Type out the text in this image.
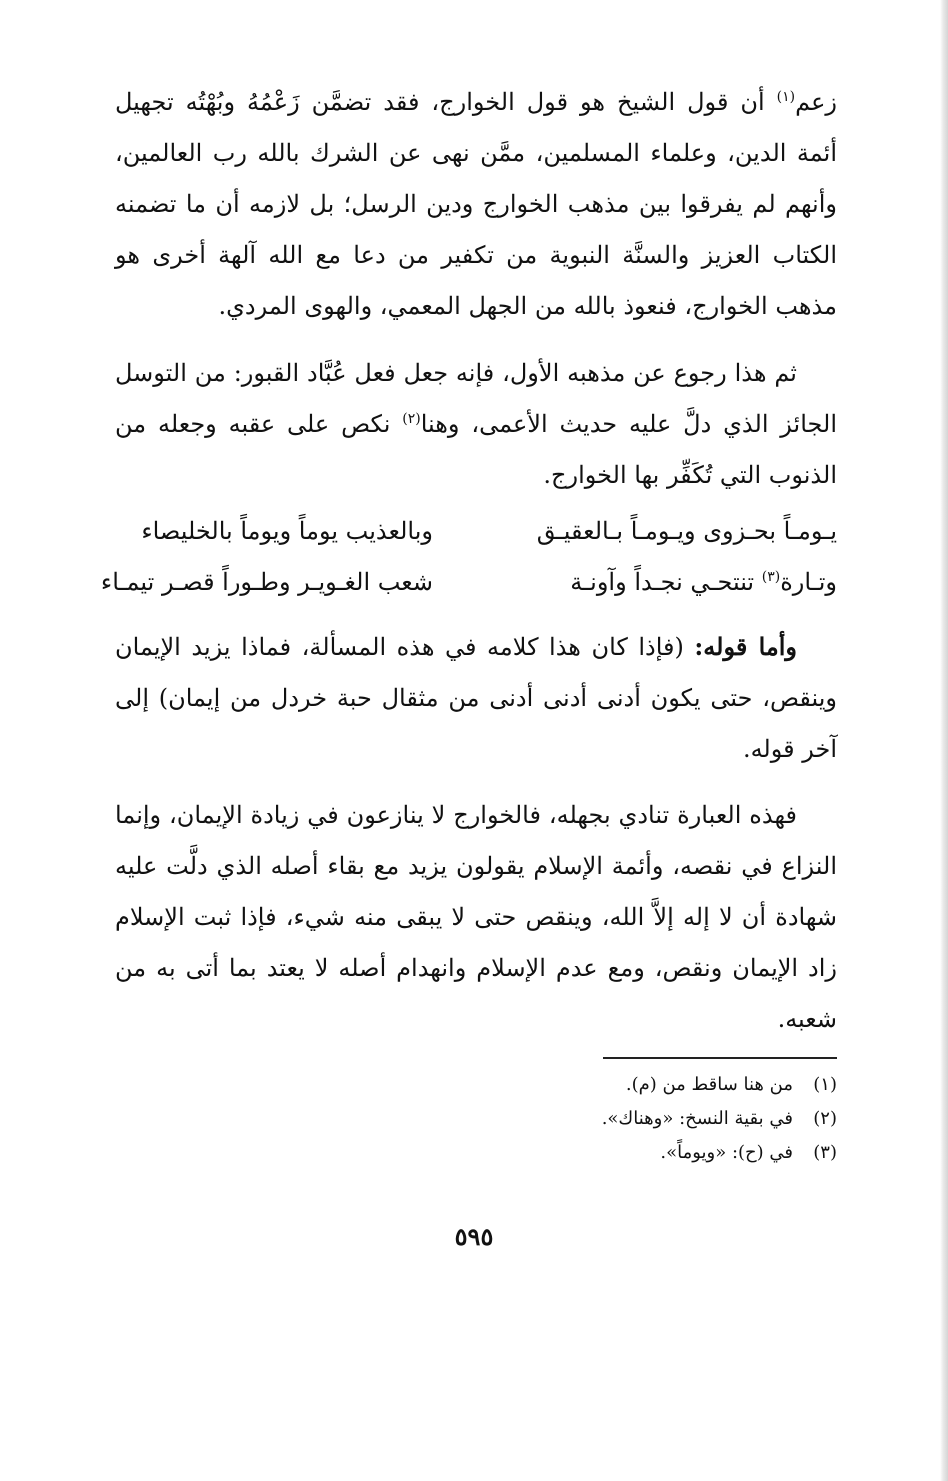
زعم$^{(١)}$ أن قول الشيخ هو قول الخوارج، فقد تضمَّن زَعْمُهُ وبُهْتُه تجهيل أئمة الدين، وعلماء المسلمين، ممَّن نهى عن الشرك بالله رب العالمين، وأنهم لم يفرقوا بين مذهب الخوارج ودين الرسل؛ بل لازمه أن ما تضمنه الكتاب العزيز والسنَّة النبوية من تكفير من دعا مع الله آلهة أخرى هو مذهب الخوارج، فنعوذ بالله من الجهل المعمي، والهوى المردي.

ثم هذا رجوع عن مذهبه الأول، فإنه جعل فعل عُبَّاد القبور: من التوسل الجائز الذي دلَّ عليه حديث الأعمى، وهنا$^{(٢)}$ نكص على عقبه وجعله من الذنوب التي تُكَفِّر بها الخوارج.

يـومـاً بحـزوى ويـومـاً بـالعقيـق
وبالعذيب يوماً ويوماً بالخليصاء
وتـارة$^{(٣)}$ تنتحـي نجـداً وآونـة
شعب الغـويـر وطـوراً قصـر تيمـاء

وأما قوله: (فإذا كان هذا كلامه في هذه المسألة، فماذا يزيد الإيمان وينقص، حتى يكون أدنى أدنى أدنى من مثقال حبة خردل من إيمان) إلى آخر قوله.

فهذه العبارة تنادي بجهله، فالخوارج لا ينازعون في زيادة الإيمان، وإنما النزاع في نقصه، وأئمة الإسلام يقولون يزيد مع بقاء أصله الذي دلَّت عليه شهادة أن لا إله إلاَّ الله، وينقص حتى لا يبقى منه شيء، فإذا ثبت الإسلام زاد الإيمان ونقص، ومع عدم الإسلام وانهدام أصله لا يعتد بما أتى به من شعبه.

(١)
من هنا ساقط من (م).
(٢)
في بقية النسخ: «وهناك».
(٣)
في (ح): «ويوماً».
٥٩٥
